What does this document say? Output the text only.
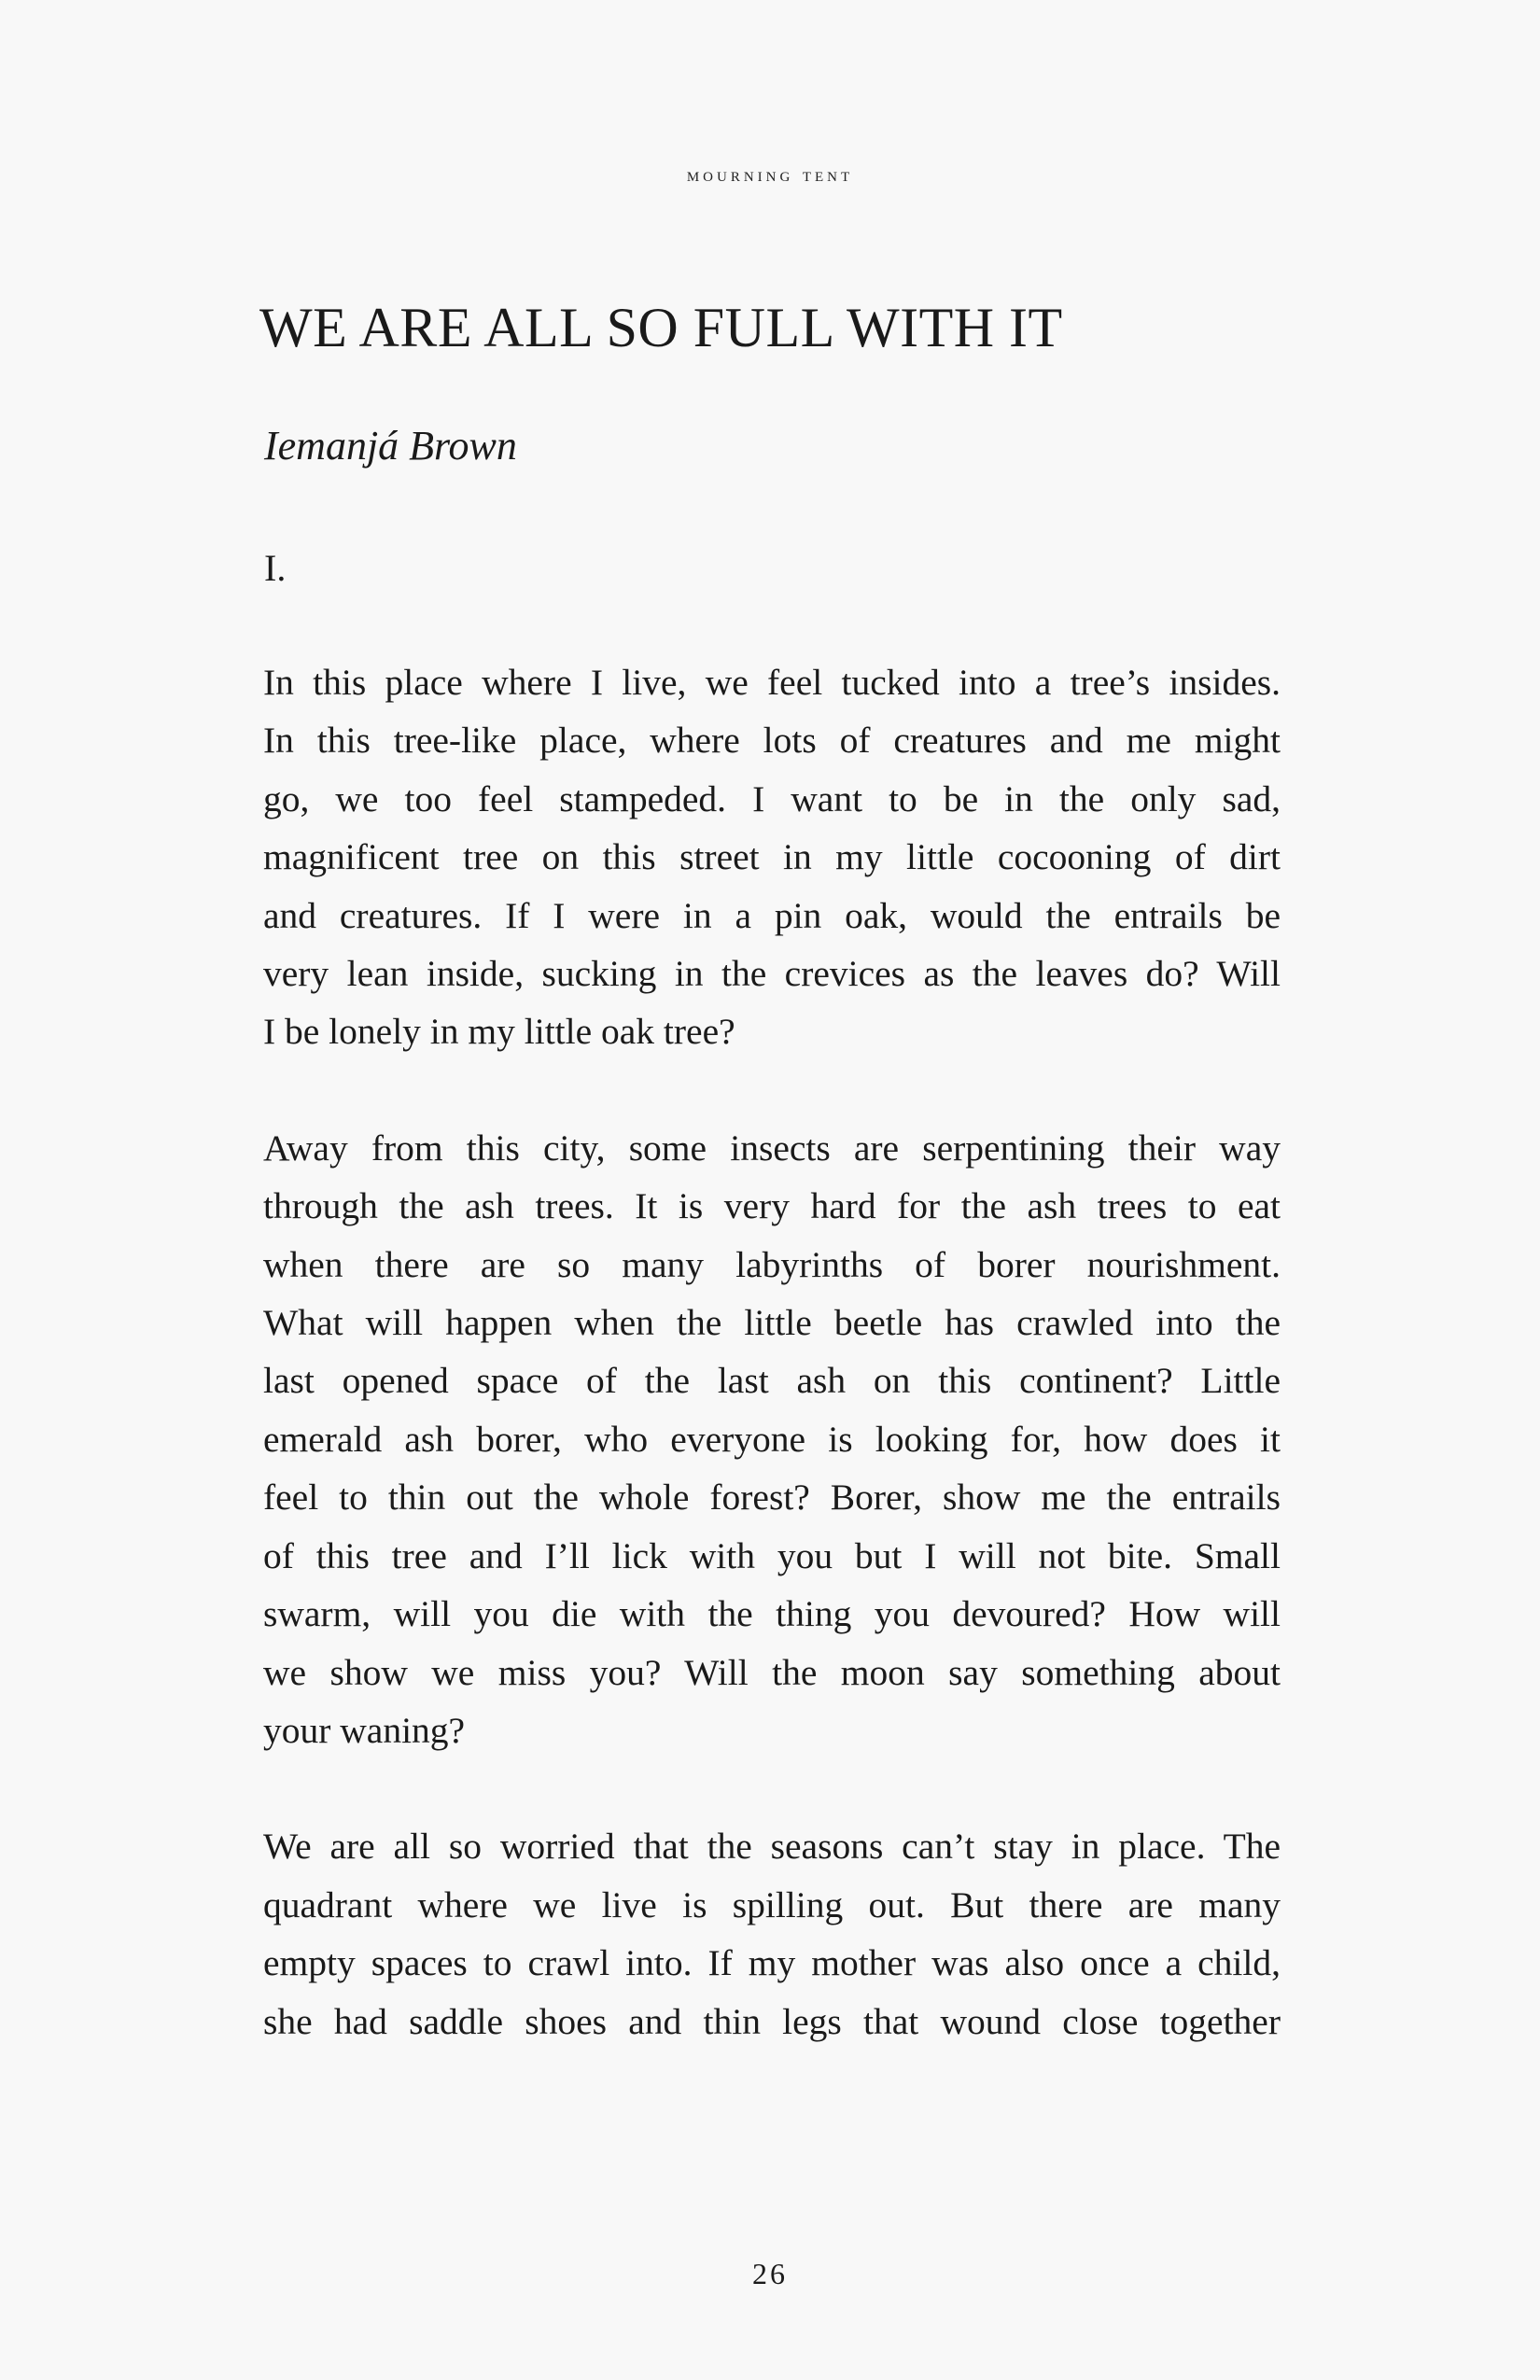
mourning tent
WE ARE ALL SO FULL WITH IT
Iemanjá Brown
I.

In this place where I live, we feel tucked into a tree’s insides.
In this tree-like place, where lots of creatures and me might
go, we too feel stampeded. I want to be in the only sad,
magnificent tree on this street in my little cocooning of dirt
and creatures. If I were in a pin oak, would the entrails be
very lean inside, sucking in the crevices as the leaves do? Will
I be lonely in my little oak tree?

Away from this city, some insects are serpentining their way
through the ash trees. It is very hard for the ash trees to eat
when there are so many labyrinths of borer nourishment.
What will happen when the little beetle has crawled into the
last opened space of the last ash on this continent? Little
emerald ash borer, who everyone is looking for, how does it
feel to thin out the whole forest? Borer, show me the entrails
of this tree and I’ll lick with you but I will not bite. Small
swarm, will you die with the thing you devoured? How will
we show we miss you? Will the moon say something about
your waning?

We are all so worried that the seasons can’t stay in place. The
quadrant where we live is spilling out. But there are many
empty spaces to crawl into. If my mother was also once a child,
she had saddle shoes and thin legs that wound close together

26
